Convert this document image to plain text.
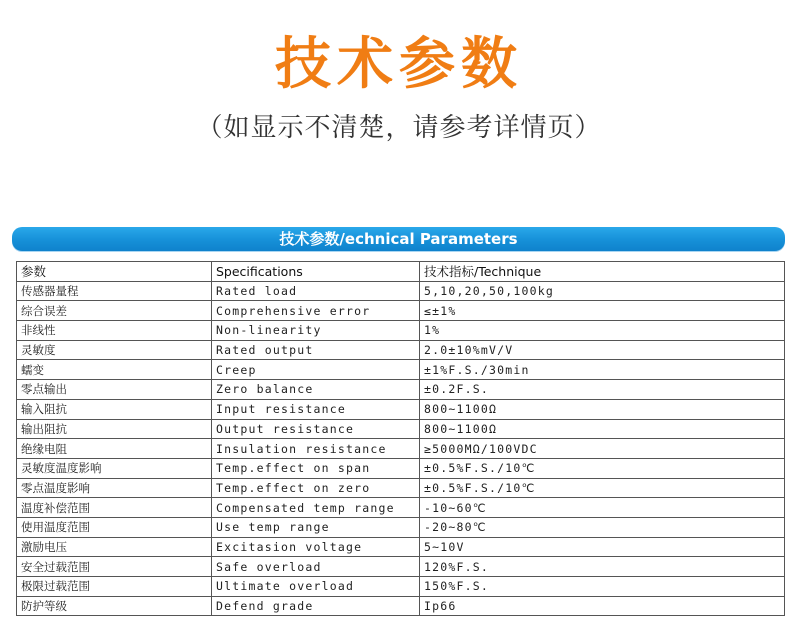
技术参数
（如显示不清楚，请参考详情页）
技术参数/echnical Parameters
参数	Specifications	技术指标/Technique
传感器量程	Rated load	5,10,20,50,100kg
综合误差	Comprehensive error	≤±1%
非线性	Non-linearity	1%
灵敏度	Rated output	2.0±10%mV/V
蠕变	Creep	±1%F.S./30min
零点输出	Zero balance	±0.2F.S.
输入阻抗	Input resistance	800~1100Ω
输出阻抗	Output resistance	800~1100Ω
绝缘电阻	Insulation resistance	≥5000MΩ/100VDC
灵敏度温度影响	Temp.effect on span	±0.5%F.S./10℃
零点温度影响	Temp.effect on zero	±0.5%F.S./10℃
温度补偿范围	Compensated temp range	-10~60℃
使用温度范围	Use temp range	-20~80℃
激励电压	Excitasion voltage	5~10V
安全过载范围	Safe overload	120%F.S.
极限过载范围	Ultimate overload	150%F.S.
防护等级	Defend grade	Ip66
